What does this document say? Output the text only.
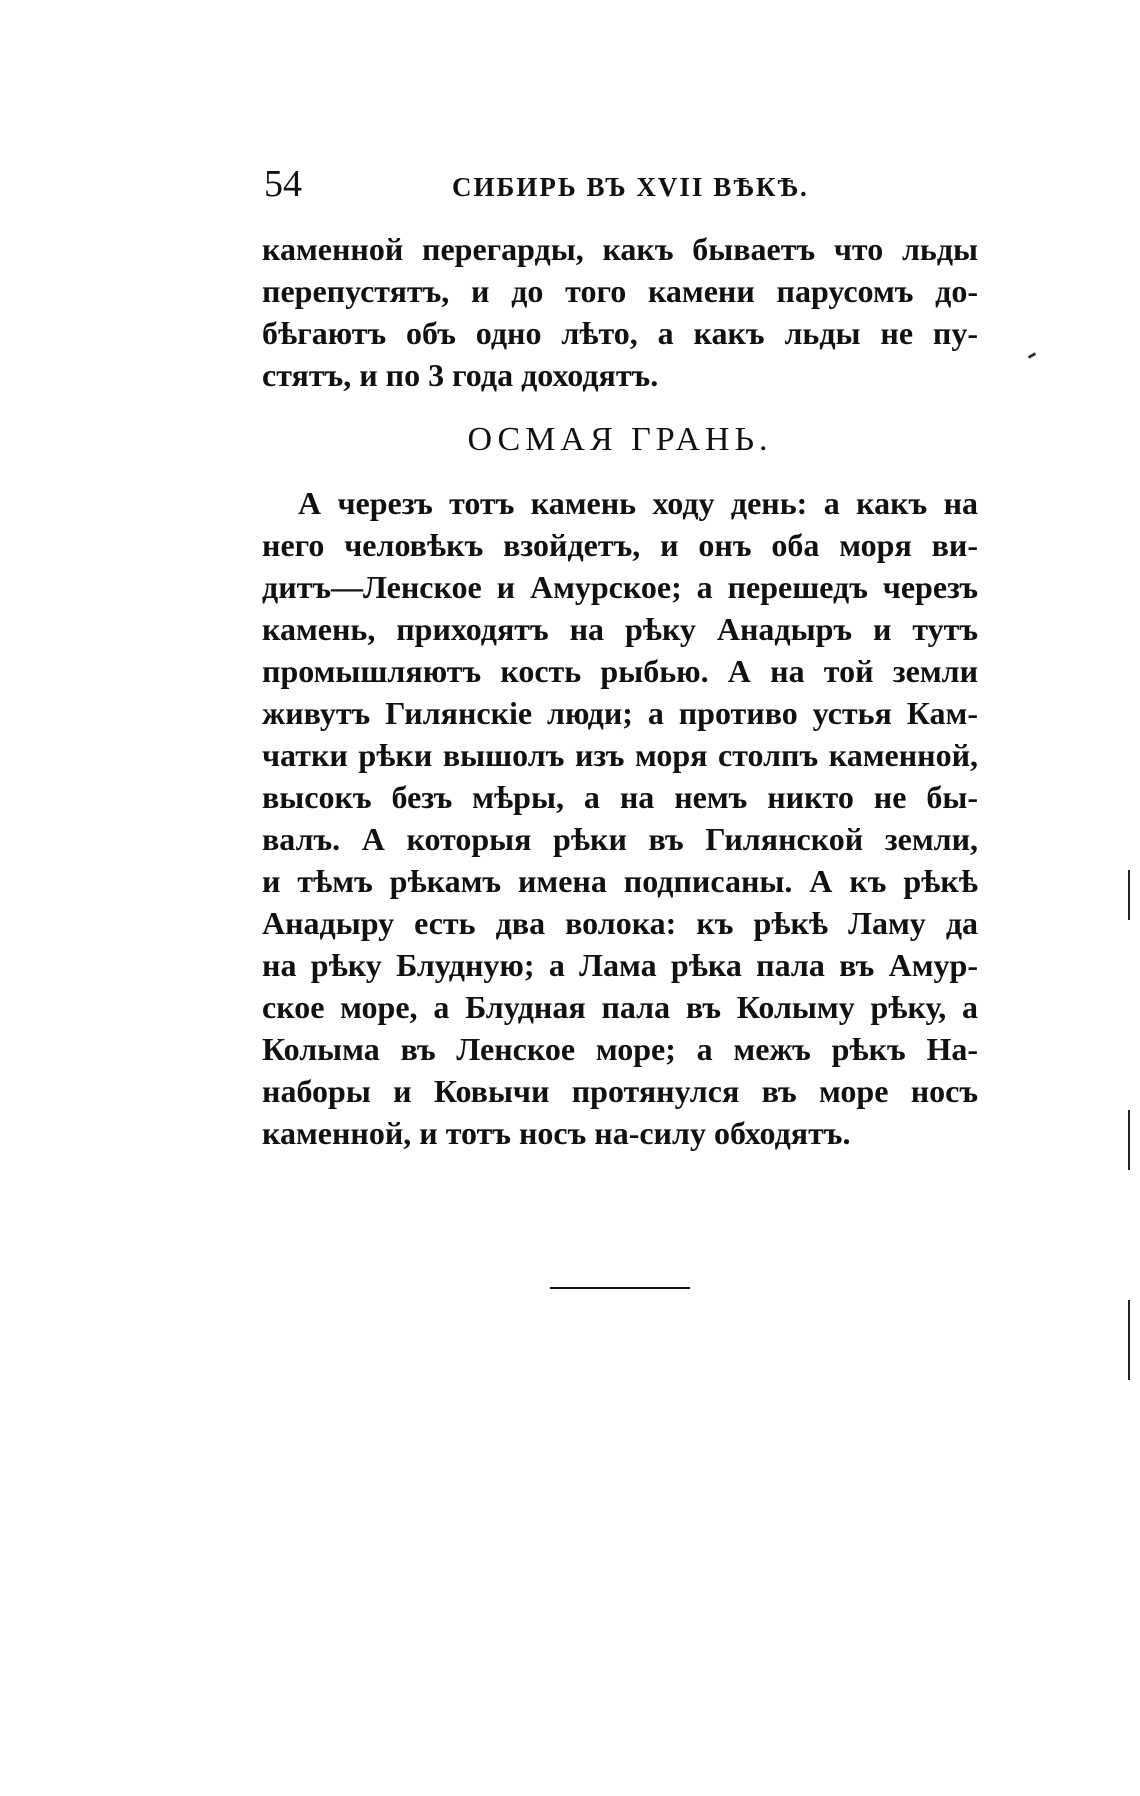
54	СИБИРЬ ВЪ XVII ВѢКѢ.
каменной перегарды, какъ бываетъ что льды
перепустятъ, и до того камени парусомъ до-
бѣгаютъ объ одно лѣто, а какъ льды не пу-
стятъ, и по 3 года доходятъ.
ОСМАЯ ГРАНЬ.
А черезъ тотъ камень ходу день: а какъ на
него человѣкъ взойдетъ, и онъ оба моря ви-
дитъ—Ленское и Амурское; а перешедъ черезъ
камень, приходятъ на рѣку Анадыръ и тутъ
промышляютъ кость рыбью. А на той земли
живутъ Гилянскiе люди; а противо устья Кам-
чатки рѣки вышолъ изъ моря столпъ каменной,
высокъ безъ мѣры, а на немъ никто не бы-
валъ. А которыя рѣки въ Гилянской земли,
и тѣмъ рѣкамъ имена подписаны. А къ рѣкѣ
Анадыру есть два волока: къ рѣкѣ Ламу да
на рѣку Блудную; а Лама рѣка пала въ Амур-
ское море, а Блудная пала въ Колыму рѣку, а
Колыма въ Ленское море; а межъ рѣкъ На-
наборы и Ковычи протянулся въ море носъ
каменной, и тотъ носъ на-силу обходятъ.
